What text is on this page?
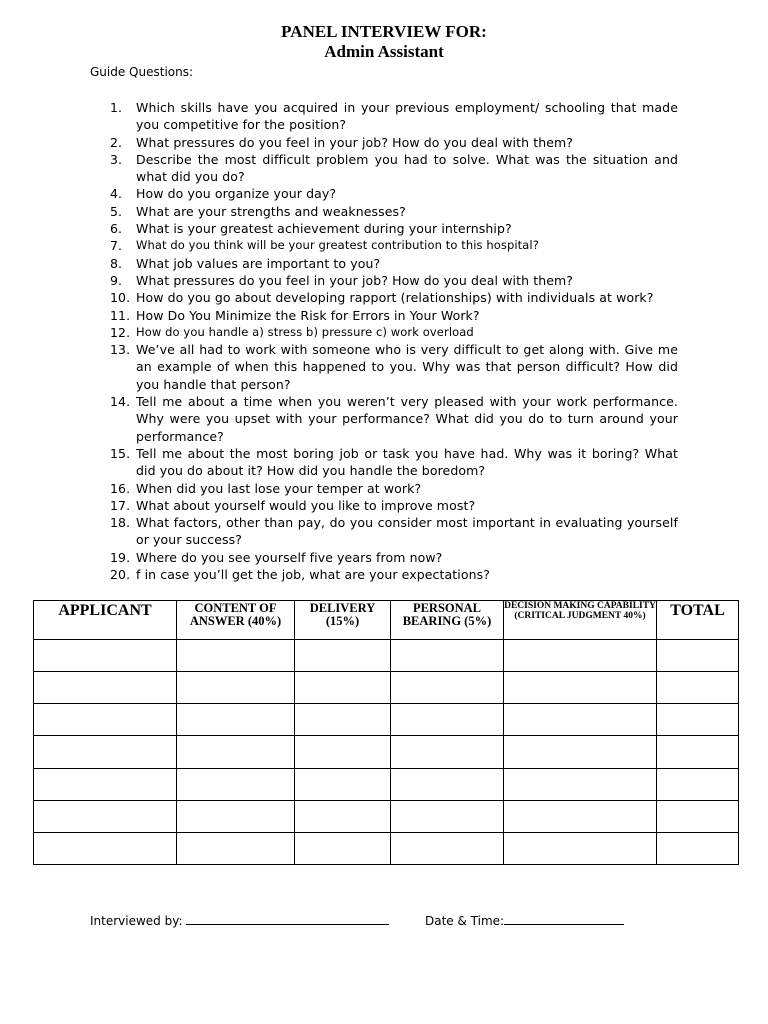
PANEL INTERVIEW FOR:
Admin Assistant
Guide Questions:
1.	Which skills have you acquired in your previous employment/ schooling that made you competitive for the position?
2.	What pressures do you feel in your job? How do you deal with them?
3.	Describe the most difficult problem you had to solve. What was the situation and what did you do?
4.	How do you organize your day?
5.	What are your strengths and weaknesses?
6.	What is your greatest achievement during your internship?
7.	What do you think will be your greatest contribution to this hospital?
8.	What job values are important to you?
9.	What pressures do you feel in your job? How do you deal with them?
10. How do you go about developing rapport (relationships) with individuals at work?
11. How Do You Minimize the Risk for Errors in Your Work?
12. How do you handle a) stress b) pressure c) work overload
13. We’ve all had to work with someone who is very difficult to get along with. Give me an example of when this happened to you. Why was that person difficult? How did you handle that person?
14. Tell me about a time when you weren’t very pleased with your work performance. Why were you upset with your performance? What did you do to turn around your performance?
15. Tell me about the most boring job or task you have had. Why was it boring? What did you do about it? How did you handle the boredom?
16. When did you last lose your temper at work?
17. What about yourself would you like to improve most?
18. What factors, other than pay, do you consider most important in evaluating yourself or your success?
19. Where do you see yourself five years from now?
20. f in case you’ll get the job, what are your expectations?
APPLICANT	CONTENT OF ANSWER (40%)	DELIVERY (15%)	PERSONAL BEARING (5%)	DECISION MAKING CAPABILITY (CRITICAL JUDGMENT 40%)	TOTAL

Interviewed by:	Date & Time:
